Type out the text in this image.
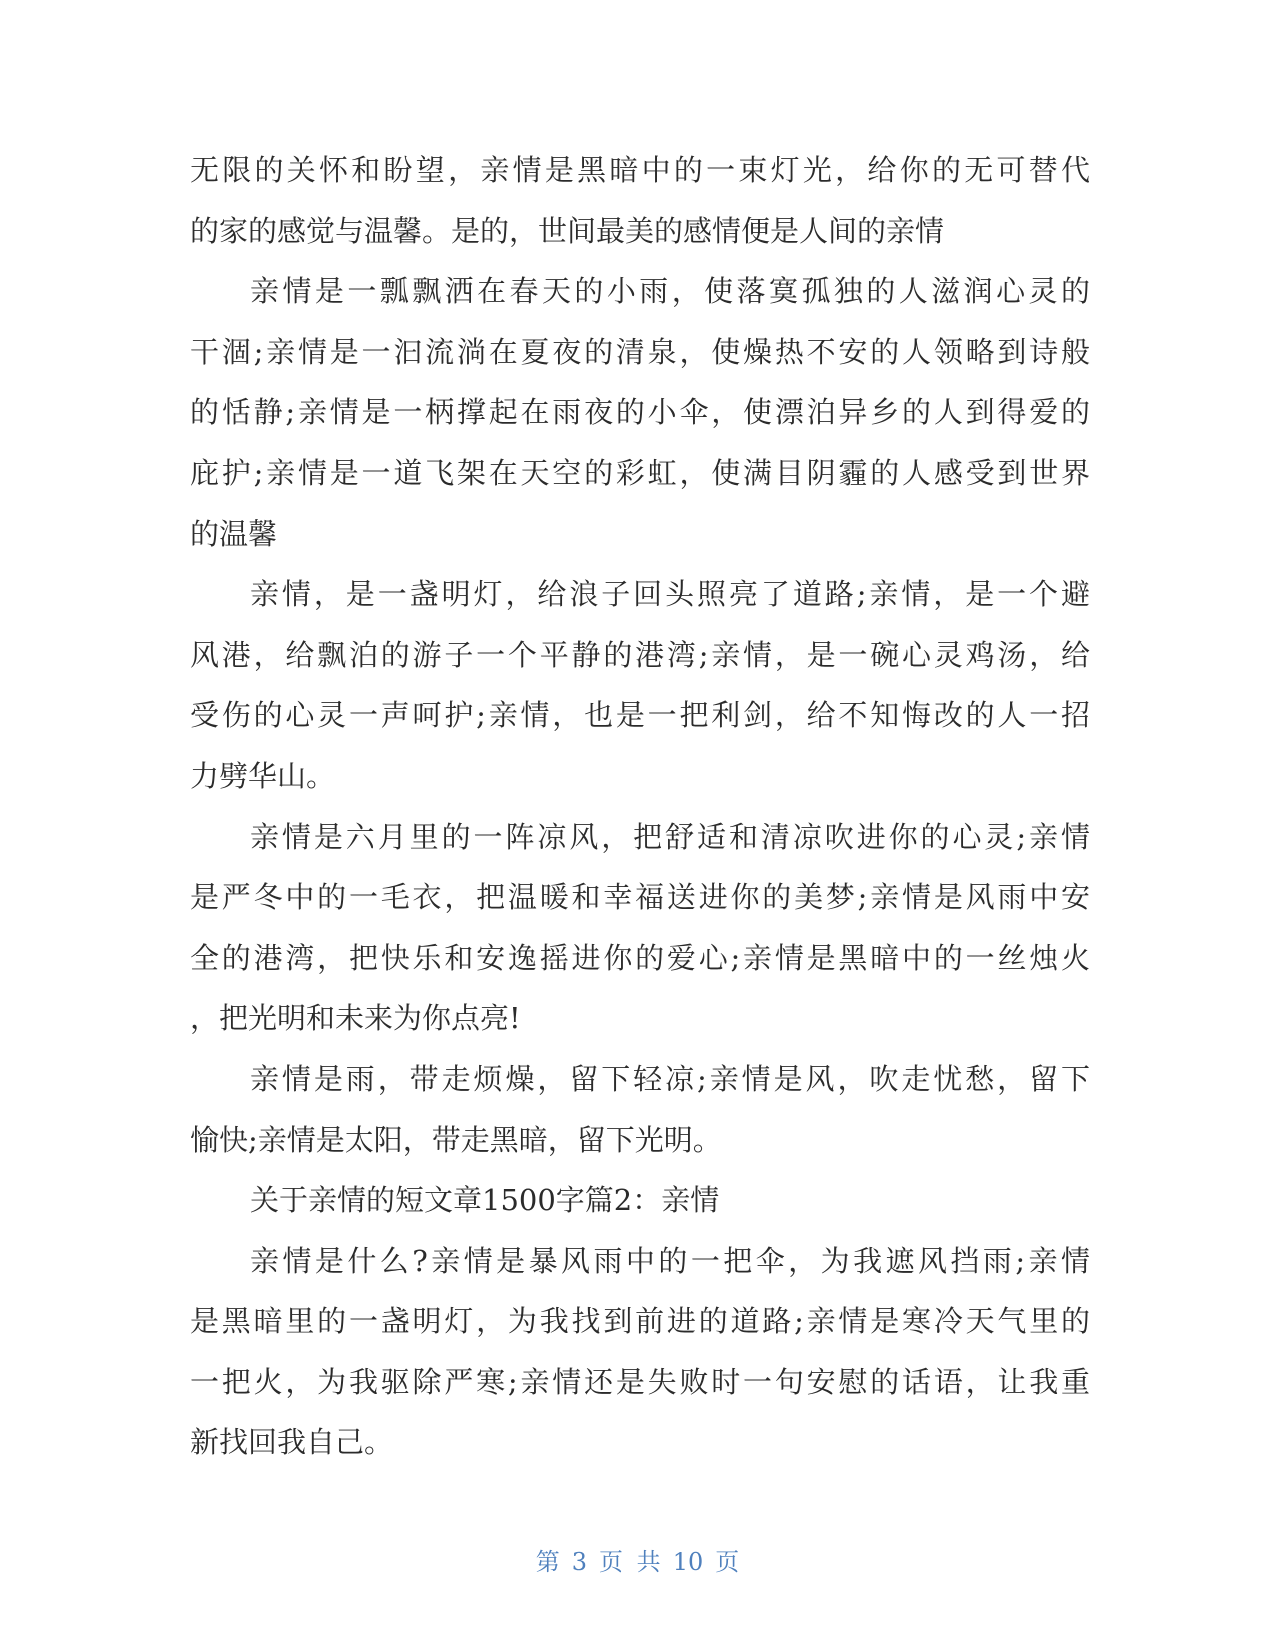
无限的关怀和盼望，亲情是黑暗中的一束灯光，给你的无可替代
的家的感觉与温馨。是的，世间最美的感情便是人间的亲情
亲情是一瓢飘洒在春天的小雨，使落寞孤独的人滋润心灵的
干涸;亲情是一汩流淌在夏夜的清泉，使燥热不安的人领略到诗般
的恬静;亲情是一柄撑起在雨夜的小伞，使漂泊异乡的人到得爱的
庇护;亲情是一道飞架在天空的彩虹，使满目阴霾的人感受到世界
的温馨
亲情，是一盏明灯，给浪子回头照亮了道路;亲情，是一个避
风港，给飘泊的游子一个平静的港湾;亲情，是一碗心灵鸡汤，给
受伤的心灵一声呵护;亲情，也是一把利剑，给不知悔改的人一招
力劈华山。
亲情是六月里的一阵凉风，把舒适和清凉吹进你的心灵;亲情
是严冬中的一毛衣，把温暖和幸福送进你的美梦;亲情是风雨中安
全的港湾，把快乐和安逸摇进你的爱心;亲情是黑暗中的一丝烛火
，把光明和未来为你点亮!
亲情是雨，带走烦燥，留下轻凉;亲情是风，吹走忧愁，留下
愉快;亲情是太阳，带走黑暗，留下光明。
关于亲情的短文章1500字篇2：亲情
亲情是什么?亲情是暴风雨中的一把伞，为我遮风挡雨;亲情
是黑暗里的一盏明灯，为我找到前进的道路;亲情是寒冷天气里的
一把火，为我驱除严寒;亲情还是失败时一句安慰的话语，让我重
新找回我自己。
第 3 页 共 10 页
